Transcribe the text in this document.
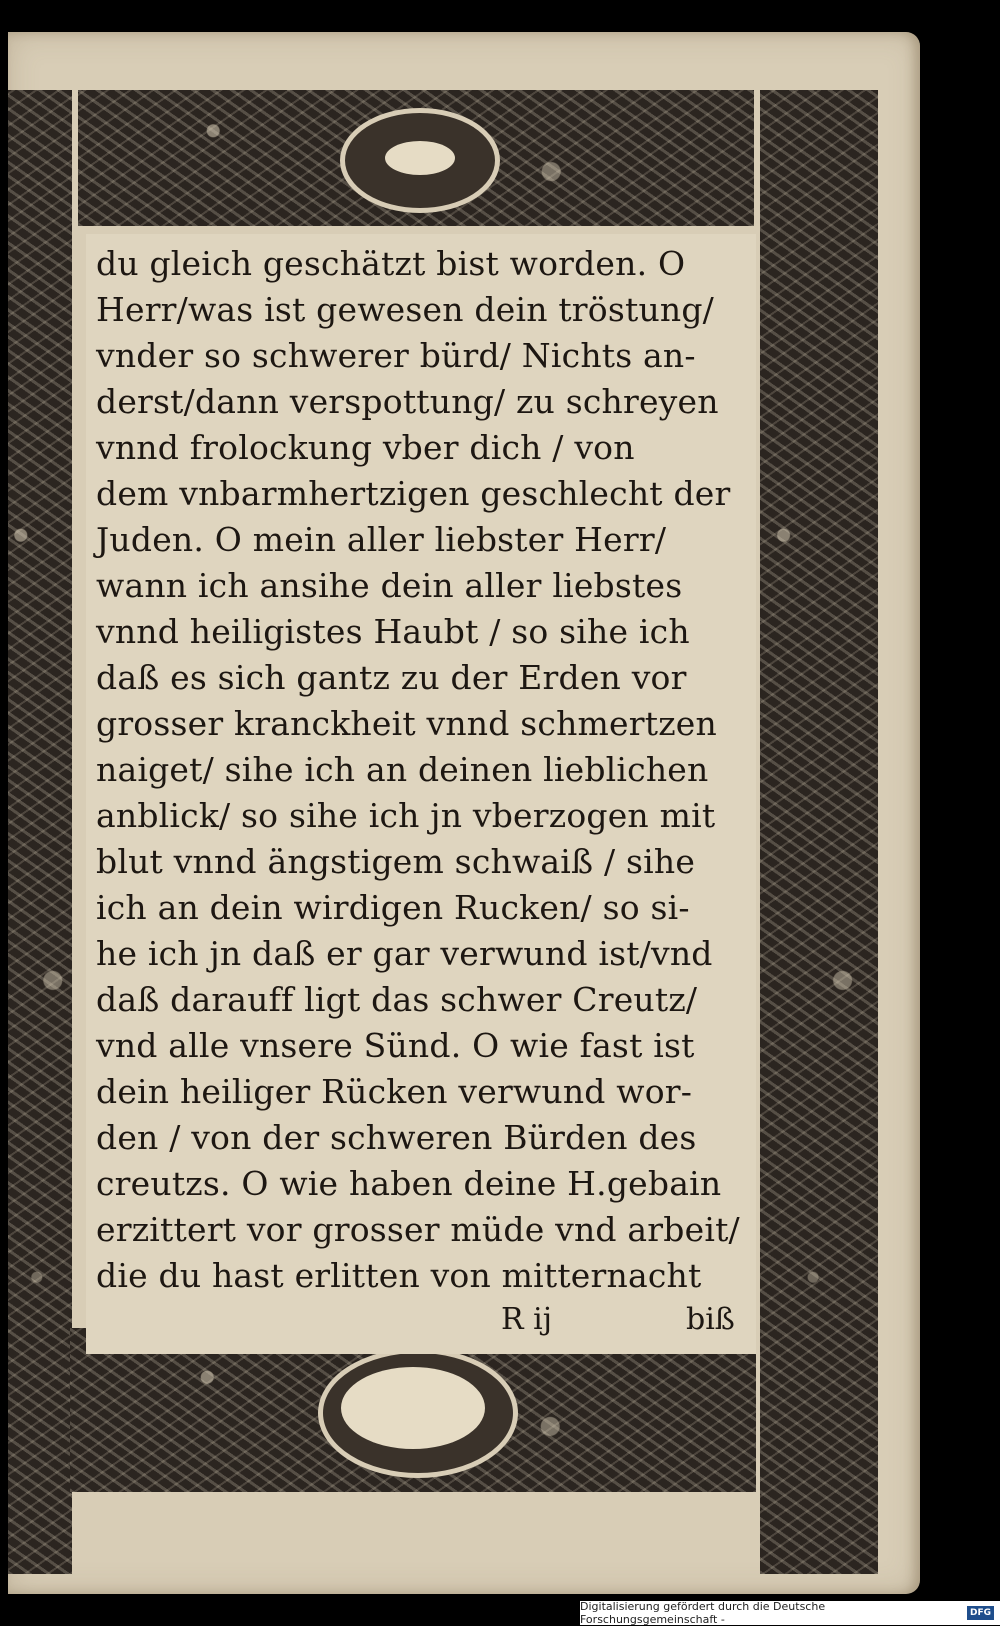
du gleich geschätzt bist worden. O
Herr/was ist gewesen dein tröstung/
vnder so schwerer bürd/ Nichts an-
derst/dann verspottung/ zu schreyen
vnnd frolockung vber dich / von
dem vnbarmhertzigen geschlecht der
Juden. O mein aller liebster Herr/
wann ich ansihe dein aller liebstes
vnnd heiligistes Haubt / so sihe ich
daß es sich gantz zu der Erden vor
grosser kranckheit vnnd schmertzen
naiget/ sihe ich an deinen lieblichen
anblick/ so sihe ich jn vberzogen mit
blut vnnd ängstigem schwaiß / sihe
ich an dein wirdigen Rucken/ so si-
he ich jn daß er gar verwund ist/vnd
daß darauff ligt das schwer Creutz/
vnd alle vnsere Sünd. O wie fast ist
dein heiliger Rücken verwund wor-
den / von der schweren Bürden des
creutzs. O wie haben deine H.gebain
erzittert vor grosser müde vnd arbeit/
die du hast erlitten von mitternacht
R ij	biß
Digitalisierung gefördert durch die Deutsche Forschungsgemeinschaft -	DFG
